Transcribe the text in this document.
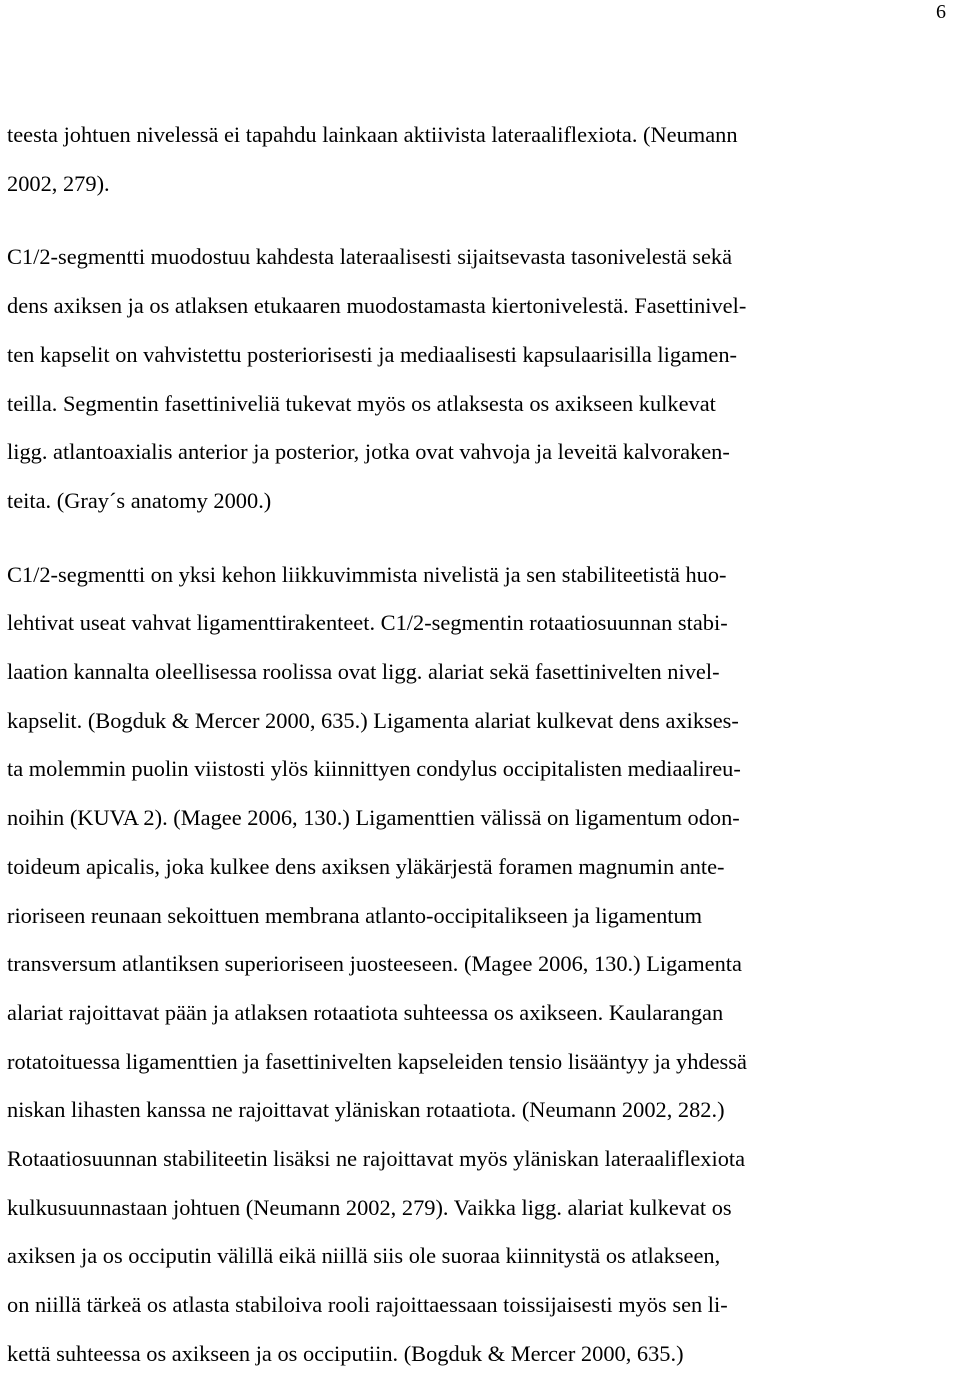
6

teesta johtuen nivelessä ei tapahdu lainkaan aktiivista lateraaliflexiota. (Neumann
2002, 279).

C1/2-segmentti muodostuu kahdesta lateraalisesti sijaitsevasta tasonivelestä sekä
dens axiksen ja os atlaksen etukaaren muodostamasta kiertonivelestä. Fasettinivel-
ten kapselit on vahvistettu posteriorisesti ja mediaalisesti kapsulaarisilla ligamen-
teilla. Segmentin fasettiniveliä tukevat myös os atlaksesta os axikseen kulkevat
ligg. atlantoaxialis anterior ja posterior, jotka ovat vahvoja ja leveitä kalvoraken-
teita. (Gray´s anatomy 2000.)

C1/2-segmentti on yksi kehon liikkuvimmista nivelistä ja sen stabiliteetistä huo-
lehtivat useat vahvat ligamenttirakenteet. C1/2-segmentin rotaatiosuunnan stabi-
laation kannalta oleellisessa roolissa ovat ligg. alariat sekä fasettinivelten nivel-
kapselit. (Bogduk & Mercer 2000, 635.) Ligamenta alariat kulkevat dens axikses-
ta molemmin puolin viistosti ylös kiinnittyen condylus occipitalisten mediaalireu-
noihin (KUVA 2). (Magee 2006, 130.) Ligamenttien välissä on ligamentum odon-
toideum apicalis, joka kulkee dens axiksen yläkärjestä foramen magnumin ante-
rioriseen reunaan sekoittuen membrana atlanto-occipitalikseen ja ligamentum
transversum atlantiksen superioriseen juosteeseen. (Magee 2006, 130.) Ligamenta
alariat rajoittavat pään ja atlaksen rotaatiota suhteessa os axikseen. Kaularangan
rotatoituessa ligamenttien ja fasettinivelten kapseleiden tensio lisääntyy ja yhdessä
niskan lihasten kanssa ne rajoittavat yläniskan rotaatiota. (Neumann 2002, 282.)
Rotaatiosuunnan stabiliteetin lisäksi ne rajoittavat myös yläniskan lateraaliflexiota
kulkusuunnastaan johtuen (Neumann 2002, 279). Vaikka ligg. alariat kulkevat os
axiksen ja os occiputin välillä eikä niillä siis ole suoraa kiinnitystä os atlakseen,
on niillä tärkeä os atlasta stabiloiva rooli rajoittaessaan toissijaisesti myös sen li-
kettä suhteessa os axikseen ja os occiputiin. (Bogduk & Mercer 2000, 635.)
